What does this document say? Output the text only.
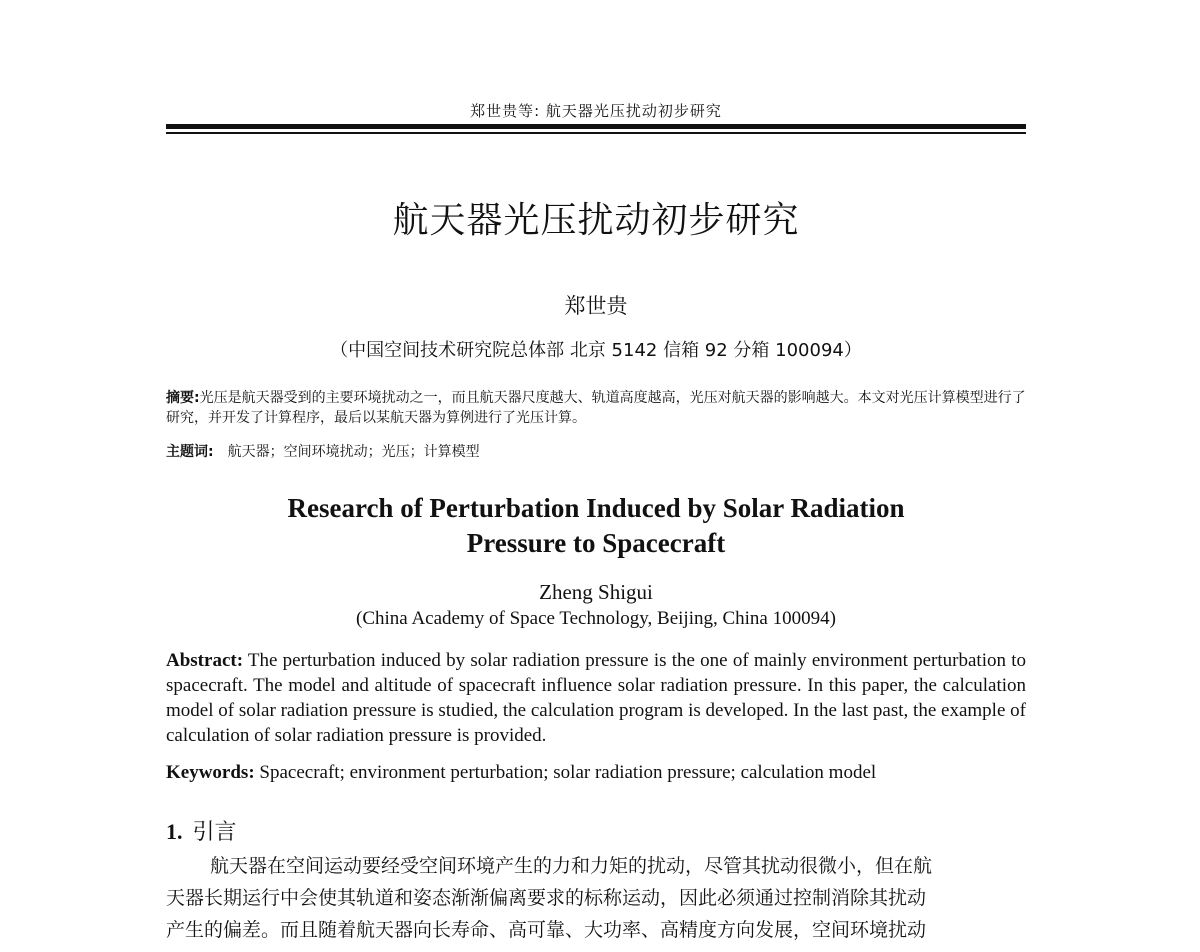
郑世贵等: 航天器光压扰动初步研究
航天器光压扰动初步研究
郑世贵
（中国空间技术研究院总体部 北京 5142 信箱 92 分箱 100094）
摘要:光压是航天器受到的主要环境扰动之一，而且航天器尺度越大、轨道高度越高，光压对航天器的影响越大。本文对光压计算模型进行了研究，并开发了计算程序，最后以某航天器为算例进行了光压计算。
主题词: 航天器；空间环境扰动；光压；计算模型
Research of Perturbation Induced by Solar Radiation
Pressure to Spacecraft
Zheng Shigui
(China Academy of Space Technology, Beijing, China 100094)
Abstract: The perturbation induced by solar radiation pressure is the one of mainly environment perturbation to spacecraft. The model and altitude of spacecraft influence solar radiation pressure. In this paper, the calculation model of solar radiation pressure is studied, the calculation program is developed. In the last past, the example of calculation of solar radiation pressure is provided.
Keywords: Spacecraft; environment perturbation; solar radiation pressure; calculation model
1. 引言
航天器在空间运动要经受空间环境产生的力和力矩的扰动，尽管其扰动很微小，但在航
天器长期运行中会使其轨道和姿态渐渐偏离要求的标称运动，因此必须通过控制消除其扰动
产生的偏差。而且随着航天器向长寿命、高可靠、大功率、高精度方向发展，空间环境扰动
